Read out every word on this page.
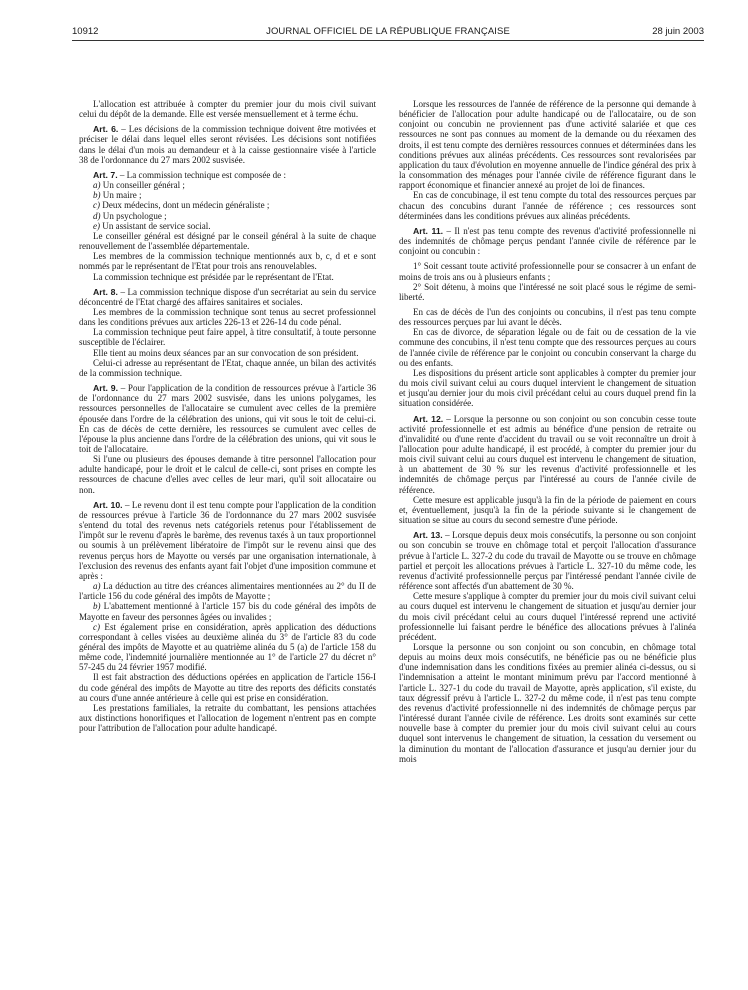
10912	JOURNAL OFFICIEL DE LA RÉPUBLIQUE FRANÇAISE	28 juin 2003

L'allocation est attribuée à compter du premier jour du mois civil suivant celui du dépôt de la demande. Elle est versée mensuellement et à terme échu.

Art. 6. – Les décisions de la commission technique doivent être motivées et préciser le délai dans lequel elles seront révisées. Les décisions sont notifiées dans le délai d'un mois au demandeur et à la caisse gestionnaire visée à l'article 38 de l'ordonnance du 27 mars 2002 susvisée.

Art. 7. – La commission technique est composée de :

a) Un conseiller général ;

b) Un maire ;

c) Deux médecins, dont un médecin généraliste ;

d) Un psychologue ;

e) Un assistant de service social.

Le conseiller général est désigné par le conseil général à la suite de chaque renouvellement de l'assemblée départementale.

Les membres de la commission technique mentionnés aux b, c, d et e sont nommés par le représentant de l'Etat pour trois ans renouvelables.

La commission technique est présidée par le représentant de l'Etat.

Art. 8. – La commission technique dispose d'un secrétariat au sein du service déconcentré de l'Etat chargé des affaires sanitaires et sociales.

Les membres de la commission technique sont tenus au secret professionnel dans les conditions prévues aux articles 226-13 et 226-14 du code pénal.

La commission technique peut faire appel, à titre consultatif, à toute personne susceptible de l'éclairer.

Elle tient au moins deux séances par an sur convocation de son président.

Celui-ci adresse au représentant de l'Etat, chaque année, un bilan des activités de la commission technique.

Art. 9. – Pour l'application de la condition de ressources prévue à l'article 36 de l'ordonnance du 27 mars 2002 susvisée, dans les unions polygames, les ressources personnelles de l'allocataire se cumulent avec celles de la première épousée dans l'ordre de la célébration des unions, qui vit sous le toit de celui-ci. En cas de décès de cette dernière, les ressources se cumulent avec celles de l'épouse la plus ancienne dans l'ordre de la célébration des unions, qui vit sous le toit de l'allocataire.

Si l'une ou plusieurs des épouses demande à titre personnel l'allocation pour adulte handicapé, pour le droit et le calcul de celle-ci, sont prises en compte les ressources de chacune d'elles avec celles de leur mari, qu'il soit allocataire ou non.

Art. 10. – Le revenu dont il est tenu compte pour l'application de la condition de ressources prévue à l'article 36 de l'ordonnance du 27 mars 2002 susvisée s'entend du total des revenus nets catégoriels retenus pour l'établissement de l'impôt sur le revenu d'après le barème, des revenus taxés à un taux proportionnel ou soumis à un prélèvement libératoire de l'impôt sur le revenu ainsi que des revenus perçus hors de Mayotte ou versés par une organisation internationale, à l'exclusion des revenus des enfants ayant fait l'objet d'une imposition commune et après :

a) La déduction au titre des créances alimentaires mentionnées au 2° du II de l'article 156 du code général des impôts de Mayotte ;

b) L'abattement mentionné à l'article 157 bis du code général des impôts de Mayotte en faveur des personnes âgées ou invalides ;

c) Est également prise en considération, après application des déductions correspondant à celles visées au deuxième alinéa du 3° de l'article 83 du code général des impôts de Mayotte et au quatrième alinéa du 5 (a) de l'article 158 du même code, l'indemnité journalière mentionnée au 1° de l'article 27 du décret n° 57-245 du 24 février 1957 modifié.

Il est fait abstraction des déductions opérées en application de l'article 156-I du code général des impôts de Mayotte au titre des reports des déficits constatés au cours d'une année antérieure à celle qui est prise en considération.

Les prestations familiales, la retraite du combattant, les pensions attachées aux distinctions honorifiques et l'allocation de logement n'entrent pas en compte pour l'attribution de l'allocation pour adulte handicapé.

Lorsque les ressources de l'année de référence de la personne qui demande à bénéficier de l'allocation pour adulte handicapé ou de l'allocataire, ou de son conjoint ou concubin ne proviennent pas d'une activité salariée et que ces ressources ne sont pas connues au moment de la demande ou du réexamen des droits, il est tenu compte des dernières ressources connues et déterminées dans les conditions prévues aux alinéas précédents. Ces ressources sont revalorisées par application du taux d'évolution en moyenne annuelle de l'indice général des prix à la consommation des ménages pour l'année civile de référence figurant dans le rapport économique et financier annexé au projet de loi de finances.

En cas de concubinage, il est tenu compte du total des ressources perçues par chacun des concubins durant l'année de référence ; ces ressources sont déterminées dans les conditions prévues aux alinéas précédents.

Art. 11. – Il n'est pas tenu compte des revenus d'activité professionnelle ni des indemnités de chômage perçus pendant l'année civile de référence par le conjoint ou concubin :

1° Soit cessant toute activité professionnelle pour se consacrer à un enfant de moins de trois ans ou à plusieurs enfants ;

2° Soit détenu, à moins que l'intéressé ne soit placé sous le régime de semi-liberté.

En cas de décès de l'un des conjoints ou concubins, il n'est pas tenu compte des ressources perçues par lui avant le décès.

En cas de divorce, de séparation légale ou de fait ou de cessation de la vie commune des concubins, il n'est tenu compte que des ressources perçues au cours de l'année civile de référence par le conjoint ou concubin conservant la charge du ou des enfants.

Les dispositions du présent article sont applicables à compter du premier jour du mois civil suivant celui au cours duquel intervient le changement de situation et jusqu'au dernier jour du mois civil précédant celui au cours duquel prend fin la situation considérée.

Art. 12. – Lorsque la personne ou son conjoint ou son concubin cesse toute activité professionnelle et est admis au bénéfice d'une pension de retraite ou d'invalidité ou d'une rente d'accident du travail ou se voit reconnaître un droit à l'allocation pour adulte handicapé, il est procédé, à compter du premier jour du mois civil suivant celui au cours duquel est intervenu le changement de situation, à un abattement de 30 % sur les revenus d'activité professionnelle et les indemnités de chômage perçus par l'intéressé au cours de l'année civile de référence.

Cette mesure est applicable jusqu'à la fin de la période de paiement en cours et, éventuellement, jusqu'à la fin de la période suivante si le changement de situation se situe au cours du second semestre d'une période.

Art. 13. – Lorsque depuis deux mois consécutifs, la personne ou son conjoint ou son concubin se trouve en chômage total et perçoit l'allocation d'assurance prévue à l'article L. 327-2 du code du travail de Mayotte ou se trouve en chômage partiel et perçoit les allocations prévues à l'article L. 327-10 du même code, les revenus d'activité professionnelle perçus par l'intéressé pendant l'année civile de référence sont affectés d'un abattement de 30 %.

Cette mesure s'applique à compter du premier jour du mois civil suivant celui au cours duquel est intervenu le changement de situation et jusqu'au dernier jour du mois civil précédant celui au cours duquel l'intéressé reprend une activité professionnelle lui faisant perdre le bénéfice des allocations prévues à l'alinéa précédent.

Lorsque la personne ou son conjoint ou son concubin, en chômage total depuis au moins deux mois consécutifs, ne bénéficie pas ou ne bénéficie plus d'une indemnisation dans les conditions fixées au premier alinéa ci-dessus, ou si l'indemnisation a atteint le montant minimum prévu par l'accord mentionné à l'article L. 327-1 du code du travail de Mayotte, après application, s'il existe, du taux dégressif prévu à l'article L. 327-2 du même code, il n'est pas tenu compte des revenus d'activité professionnelle ni des indemnités de chômage perçus par l'intéressé durant l'année civile de référence. Les droits sont examinés sur cette nouvelle base à compter du premier jour du mois civil suivant celui au cours duquel sont intervenus le changement de situation, la cessation du versement ou la diminution du montant de l'allocation d'assurance et jusqu'au dernier jour du mois
